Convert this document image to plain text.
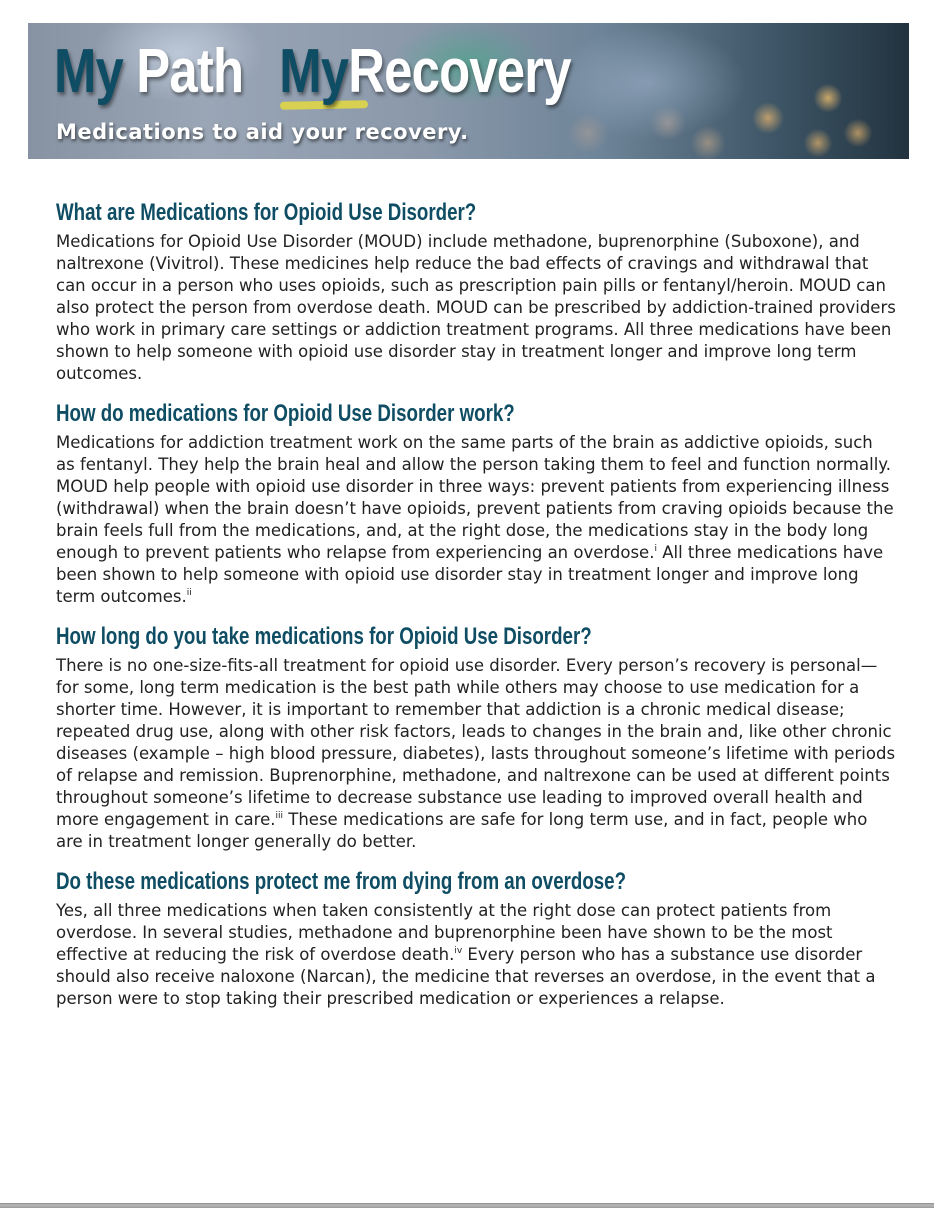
My Path MyRecovery

Medications to aid your recovery.

What are Medications for Opioid Use Disorder?

Medications for Opioid Use Disorder (MOUD) include methadone, buprenorphine (Suboxone), and naltrexone (Vivitrol). These medicines help reduce the bad effects of cravings and withdrawal that can occur in a person who uses opioids, such as prescription pain pills or fentanyl/heroin. MOUD can also protect the person from overdose death. MOUD can be prescribed by addiction-trained providers who work in primary care settings or addiction treatment programs. All three medications have been shown to help someone with opioid use disorder stay in treatment longer and improve long term outcomes.

How do medications for Opioid Use Disorder work?

Medications for addiction treatment work on the same parts of the brain as addictive opioids, such as fentanyl. They help the brain heal and allow the person taking them to feel and function normally. MOUD help people with opioid use disorder in three ways: prevent patients from experiencing illness (withdrawal) when the brain doesn’t have opioids, prevent patients from craving opioids because the brain feels full from the medications, and, at the right dose, the medications stay in the body long enough to prevent patients who relapse from experiencing an overdose.$^i$ All three medications have been shown to help someone with opioid use disorder stay in treatment longer and improve long term outcomes.$^{ii}$

How long do you take medications for Opioid Use Disorder?

There is no one-size-fits-all treatment for opioid use disorder. Every person’s recovery is personal—for some, long term medication is the best path while others may choose to use medication for a shorter time. However, it is important to remember that addiction is a chronic medical disease; repeated drug use, along with other risk factors, leads to changes in the brain and, like other chronic diseases (example – high blood pressure, diabetes), lasts throughout someone’s lifetime with periods of relapse and remission. Buprenorphine, methadone, and naltrexone can be used at different points throughout someone’s lifetime to decrease substance use leading to improved overall health and more engagement in care.$^{iii}$ These medications are safe for long term use, and in fact, people who are in treatment longer generally do better.

Do these medications protect me from dying from an overdose?

Yes, all three medications when taken consistently at the right dose can protect patients from overdose. In several studies, methadone and buprenorphine been have shown to be the most effective at reducing the risk of overdose death.$^{iv}$ Every person who has a substance use disorder should also receive naloxone (Narcan), the medicine that reverses an overdose, in the event that a person were to stop taking their prescribed medication or experiences a relapse.
